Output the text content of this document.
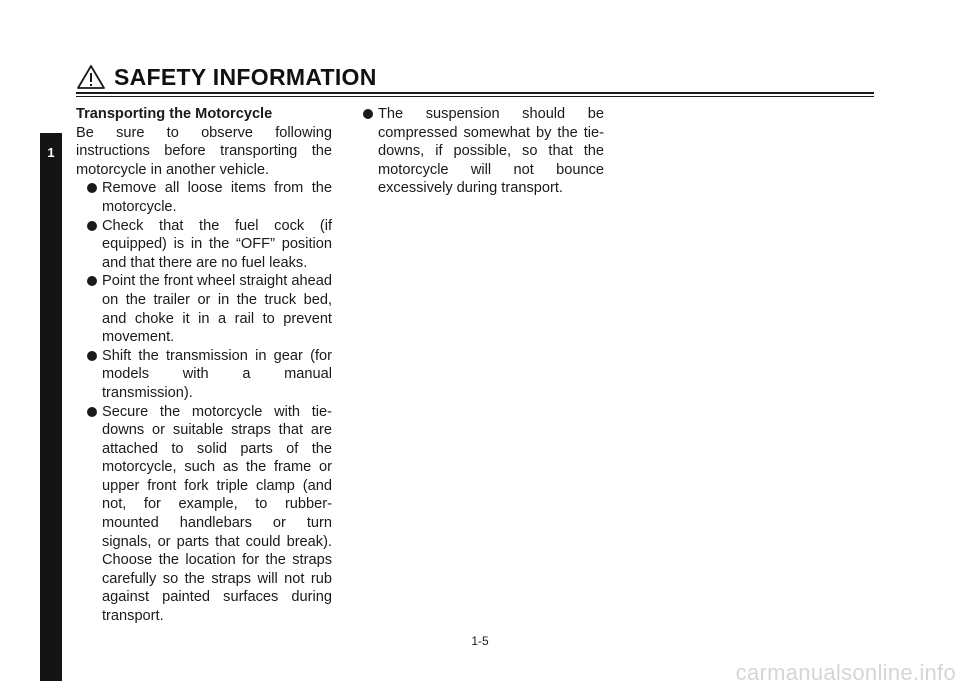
SAFETY INFORMATION
1

Transporting the Motorcycle

Be sure to observe following instructions before transporting the motorcycle in another vehicle.

Remove all loose items from the motorcycle.
Check that the fuel cock (if equipped) is in the “OFF” position and that there are no fuel leaks.
Point the front wheel straight ahead on the trailer or in the truck bed, and choke it in a rail to prevent movement.
Shift the transmission in gear (for models with a manual transmission).
Secure the motorcycle with tie-downs or suitable straps that are attached to solid parts of the motorcycle, such as the frame or upper front fork triple clamp (and not, for example, to rubber-mounted handlebars or turn signals, or parts that could break). Choose the location for the straps carefully so the straps will not rub against painted surfaces during transport.
The suspension should be compressed somewhat by the tie-downs, if possible, so that the motorcycle will not bounce excessively during transport.
1-5
carmanualsonline.info
